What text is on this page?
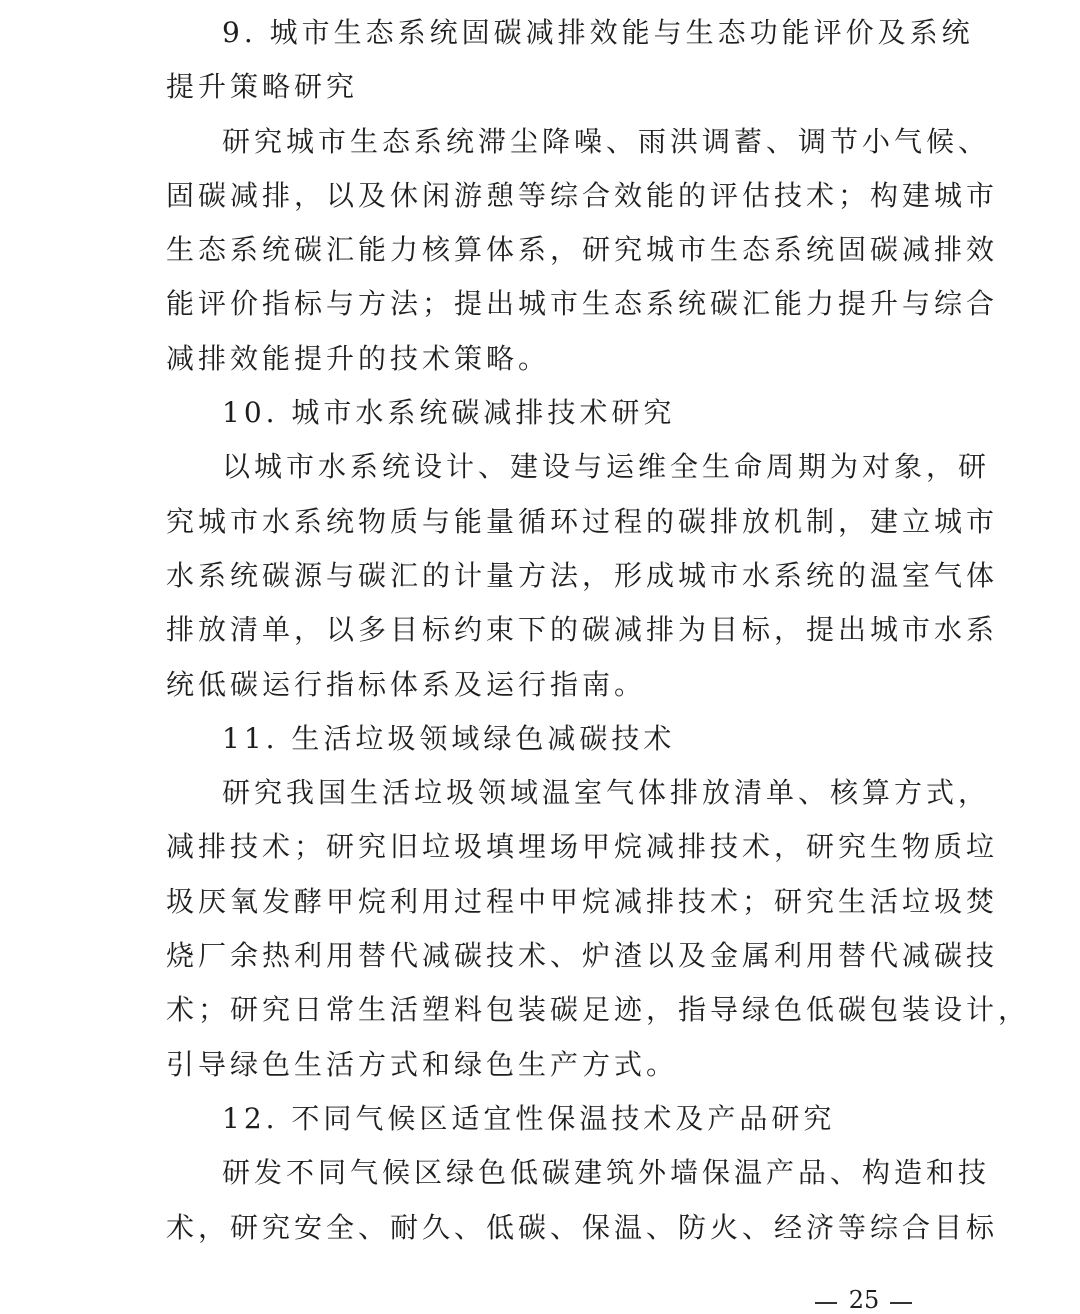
9. 城市生态系统固碳减排效能与生态功能评价及系统
提升策略研究
研究城市生态系统滞尘降噪、雨洪调蓄、调节小气候、
固碳减排，以及休闲游憩等综合效能的评估技术；构建城市
生态系统碳汇能力核算体系，研究城市生态系统固碳减排效
能评价指标与方法；提出城市生态系统碳汇能力提升与综合
减排效能提升的技术策略。
10. 城市水系统碳减排技术研究
以城市水系统设计、建设与运维全生命周期为对象，研
究城市水系统物质与能量循环过程的碳排放机制，建立城市
水系统碳源与碳汇的计量方法，形成城市水系统的温室气体
排放清单，以多目标约束下的碳减排为目标，提出城市水系
统低碳运行指标体系及运行指南。
11. 生活垃圾领域绿色减碳技术
研究我国生活垃圾领域温室气体排放清单、核算方式，
减排技术；研究旧垃圾填埋场甲烷减排技术，研究生物质垃
圾厌氧发酵甲烷利用过程中甲烷减排技术；研究生活垃圾焚
烧厂余热利用替代减碳技术、炉渣以及金属利用替代减碳技
术；研究日常生活塑料包装碳足迹，指导绿色低碳包装设计，
引导绿色生活方式和绿色生产方式。
12. 不同气候区适宜性保温技术及产品研究
研发不同气候区绿色低碳建筑外墙保温产品、构造和技
术，研究安全、耐久、低碳、保温、防火、经济等综合目标
25
